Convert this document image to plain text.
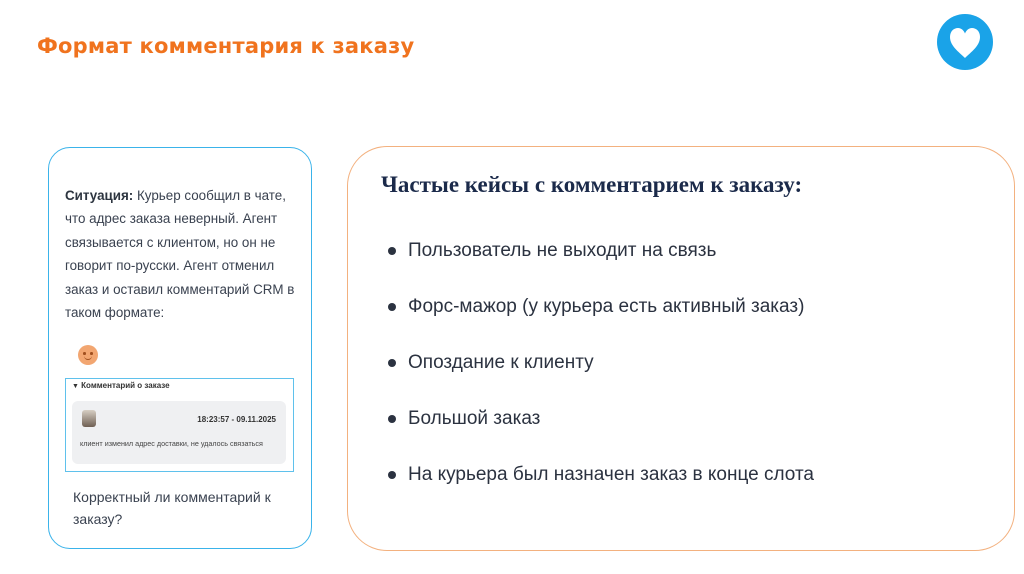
Формат комментария к заказу
Ситуация: Курьер сообщил в чате, что адрес заказа неверный. Агент связывается с клиентом, но он не говорит по-русски. Агент отменил заказ и оставил комментарий CRM в таком формате:
▼ Комментарий о заказе
18:23:57 - 09.11.2025
клиент изменил адрес доставки, не удалось связаться
Корректный ли комментарий к заказу?
Частые кейсы с комментарием к заказу:
Пользователь не выходит на связь
Форс-мажор (у курьера есть активный заказ)
Опоздание к клиенту
Большой заказ
На курьера был назначен заказ в конце слота
